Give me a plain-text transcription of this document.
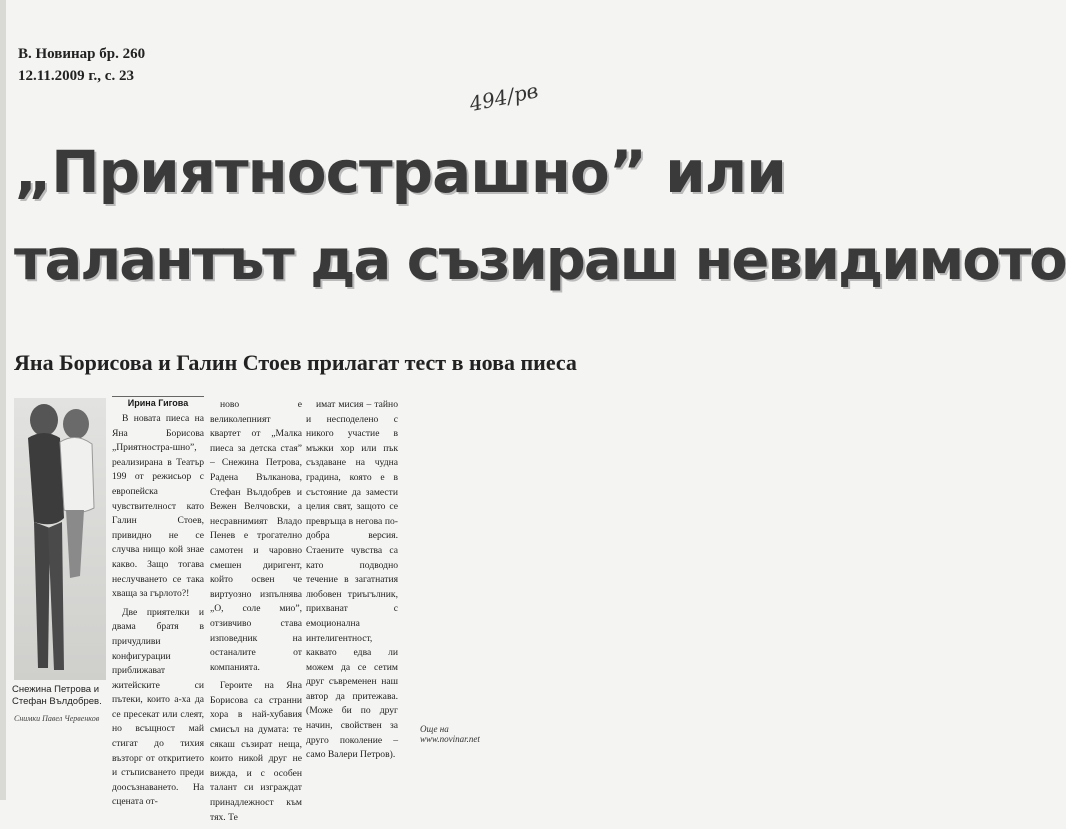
В. Новинар бр. 260
12.11.2009 г., с. 23
494/рв
„Приятнострашно” или
талантът да съзираш невидимото
Яна Борисова и Галин Стоев прилагат тест в нова пиеса
Снежина Петрова и
Стефан Вълдобрев.
Снимки Павел Червенков
Ирина Гигова

В новата пиеса на Яна Борисова „Приятностра-шно”, реализирана в Театър 199 от режисьор с европейска чувствителност като Галин Стоев, привидно не се случва нищо кой знае какво. Защо тогава неслучването се така хваща за гърлото?!

Две приятелки и двама братя в причудливи конфигурации приближават житейските си пътеки, които а-ха да се пресекат или слеят, но всъщност май стигат до тихия възторг от откритието и стъписването преди доосъзнаването. На сцената от-

ново е великолепният квартет от „Малка пиеса за детска стая” – Снежина Петрова, Радена Вълканова, Стефан Вълдобрев и Вежен Велчовски, а несравнимият Владо Пенев е трогателно самотен и чаровно смешен диригент, който освен че виртуозно изпълнява „О, соле мио”, отзивчиво става изповедник на останалите от компанията.

Героите на Яна Борисова са странни хора в най-хубавия смисъл на думата: те сякаш съзират неща, които никой друг не вижда, и с особен талант си изграждат принадлежност към тях. Те

имат мисия – тайно и несподелено с никого участие в мъжки хор или пък създаване на чудна градина, която е в състояние да замести целия свят, защото се превръща в негова по-добра версия. Стаените чувства са като подводно течение в загатнатия любовен триъгълник, прихванат с емоционална интелигентност, каквато едва ли можем да се сетим друг съвременен наш автор да притежава. (Може би по друг начин, свойствен за друго поколение – само Валери Петров).

Още на www.novinar.net
